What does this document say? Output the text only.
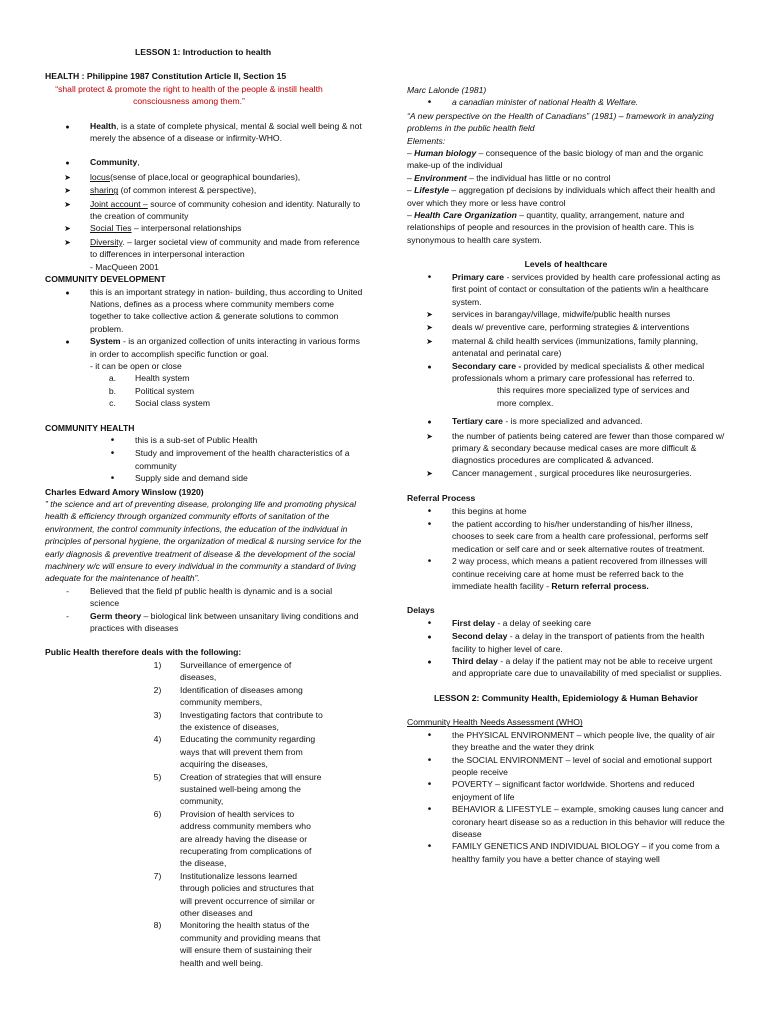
LESSON 1: Introduction to health
HEALTH : Philippine 1987 Constitution Article II, Section 15
“shall protect & promote the right to health of the people & instill health consciousness among them.”
●
Health, is a state of complete physical, mental & social well being & not merely the absence of a disease or infirmity-WHO.
●
Community,
➤
locus(sense of place,local or geographical boundaries),
➤
sharing (of common interest & perspective),
➤
Joint account – source of community cohesion and identity. Naturally to the creation of community
➤
Social Ties – interpersonal relationships
➤
Diversity. – larger societal view of community and made from reference to differences in interpersonal interaction
- MacQueen 2001
COMMUNITY DEVELOPMENT
●
this is an important strategy in nation- building, thus according to United Nations, defines as a process where community members come together to take collective action & generate solutions to common problem.
●
System - is an organized collection of units interacting in various forms in order to accomplish specific function or goal.
- it can be open or close
a.	Health system
b.	Political system
c.	Social class system
COMMUNITY HEALTH
•
this is a sub-set of Public Health
•
Study and improvement of the health characteristics of a community
•
Supply side and demand side
Charles Edward Amory Winslow (1920)
” the science and art of preventing disease, prolonging life and promoting physical health & efficiency through organized community efforts of sanitation of the environment, the control community infections, the education of the individual in principles of personal hygiene, the organization of medical & nursing service for the early diagnosis & preventive treatment of disease & the development of the social machinery w/c will ensure to every individual in the community a standard of living adequate for the maintenance of health”.
-	Believed that the field pf public health is dynamic and is a social science
-	Germ theory – biological link between unsanitary living conditions and practices with diseases
Public Health therefore deals with the following:
1)	Surveillance of emergence of diseases,
2)	Identification of diseases among community members,
3)	Investigating factors that contribute to the existence of diseases,
4)	Educating the community regarding ways that will prevent them from acquiring the diseases,
5)	Creation of strategies that will ensure sustained well-being among the community,
6)	Provision of health services to address community members who are already having the disease or recuperating from complications of the disease,
7)	Institutionalize lessons learned through policies and structures that will prevent occurrence of similar or other diseases and
8)	Monitoring the health status of the community and providing means that will ensure them of sustaining their health and well being.
Marc Lalonde (1981)
•
a canadian minister of national Health & Welfare.
“A new perspective on the Health of Canadians” (1981) – framework in analyzing problems in the public health field
Elements:
– Human biology – consequence of the basic biology of man and the organic make-up of the individual
– Environment – the individual has little or no control
– Lifestyle – aggregation pf decisions by individuals which affect their health and over which they more or less have control
– Health Care Organization – quantity, quality, arrangement, nature and relationships of people and resources in the provision of health care. This is synonymous to health care system.
Levels of healthcare
•
Primary care - services provided by health care professional acting as first point of contact or consultation of the patients w/in a healthcare system.
➤
services in barangay/village, midwife/public health nurses
➤
deals w/ preventive care, performing strategies & interventions
➤
maternal & child health services (immunizations, family planning, antenatal and perinatal care)
●
Secondary care - provided by medical specialists & other medical professionals whom a primary care professional has referred to.
this requires more specialized type of services and more complex.
●
Tertiary care - is more specialized and advanced.
➤
the number of patients being catered are fewer than those compared w/ primary & secondary because medical cases are more difficult & diagnostics procedures are complicated & advanced.
➤
Cancer management , surgical procedures like neurosurgeries.
Referral Process
•
this begins at home
•
the patient according to his/her understanding of his/her illness, chooses to seek care from a health care professional, performs self medication or self care and or seek alternative routes of treatment.
•
2 way process, which means a patient recovered from illnesses will continue receiving care at home must be referred back to the immediate health facility - Return referral process.
Delays
•
First delay - a delay of seeking care
●
Second delay - a delay in the transport of patients from the health facility to higher level of care.
●
Third delay - a delay if the patient may not be able to receive urgent and appropriate care due to unavailability of med specialist or supplies.
LESSON 2: Community Health, Epidemiology & Human Behavior
Community Health Needs Assessment (WHO)
•
the PHYSICAL ENVIRONMENT – which people live, the quality of air they breathe and the water they drink
•
the SOCIAL ENVIRONMENT – level of social and emotional support people receive
•
POVERTY – significant factor worldwide. Shortens and reduced enjoyment of life
•
BEHAVIOR & LIFESTYLE – example, smoking causes lung cancer and coronary heart disease so as a reduction in this behavior will reduce the disease
•
FAMILY GENETICS AND INDIVIDUAL BIOLOGY – if you come from a healthy family you have a better chance of staying well
